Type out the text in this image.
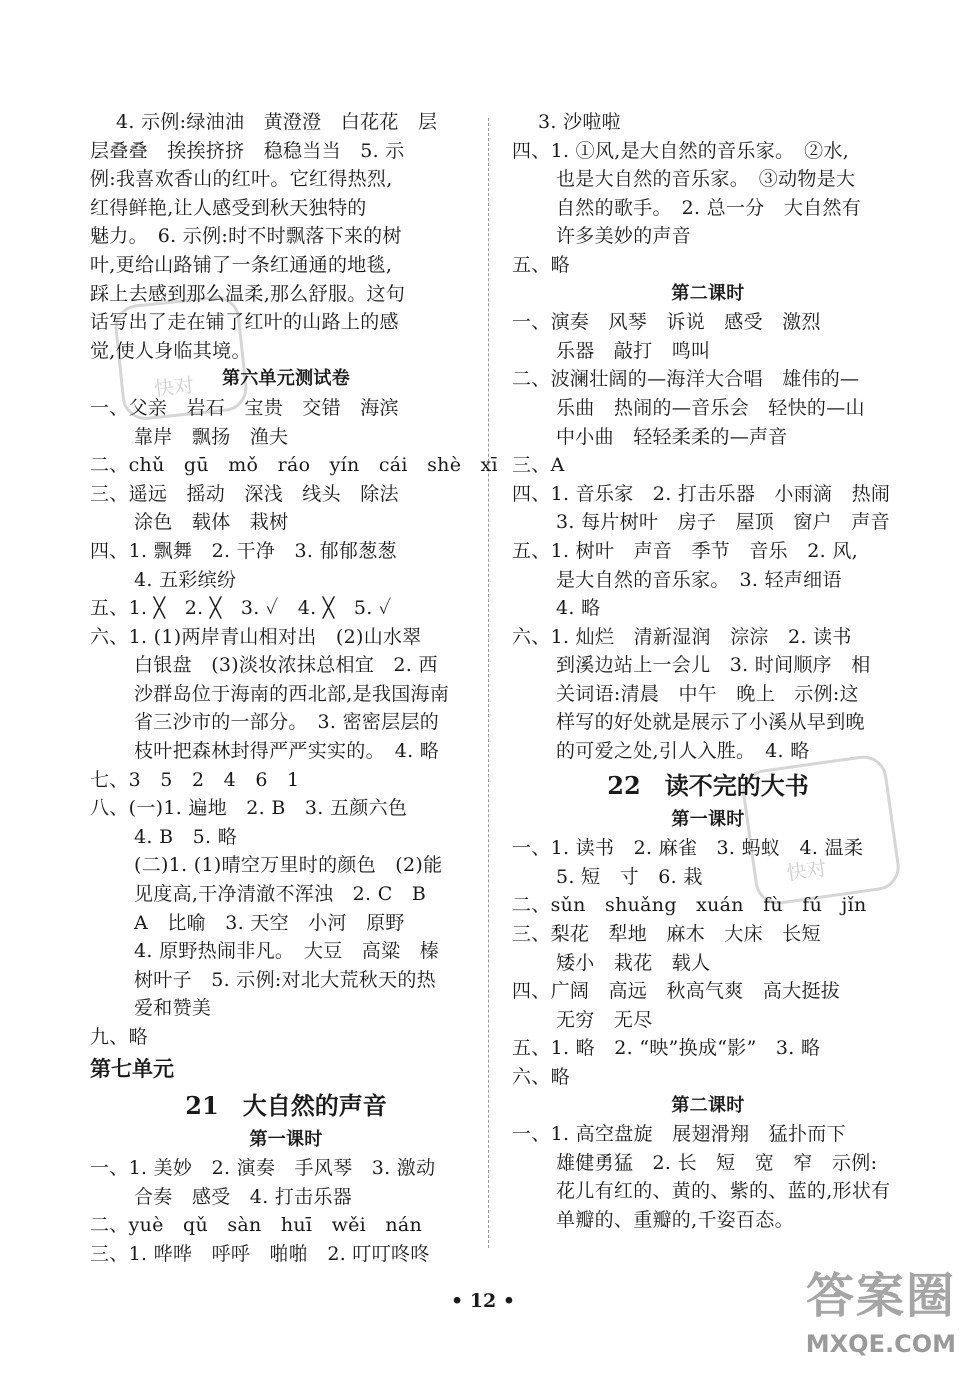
快对
快对
4. 示例:绿油油　黄澄澄　白花花　层
层叠叠　挨挨挤挤　稳稳当当　5. 示
例:我喜欢香山的红叶。它红得热烈,
红得鲜艳,让人感受到秋天独特的
魅力。　6. 示例:时不时飘落下来的树
叶,更给山路铺了一条红通通的地毯,
踩上去感到那么温柔,那么舒服。这句
话写出了走在铺了红叶的山路上的感
觉,使人身临其境。
第六单元测试卷
一、父亲　岩石　宝贵　交错　海滨
靠岸　飘扬　渔夫
二、chǔ　gū　mǒ　ráo　yín　cái　shè　xī
三、遥远　摇动　深浅　线头　除法
涂色　载体　栽树
四、1. 飘舞　2. 干净　3. 郁郁葱葱
4. 五彩缤纷
五、1. ╳　2. ╳　3. ✓　4. ╳　5. ✓
六、1. (1)两岸青山相对出　(2)山水翠
白银盘　(3)淡妆浓抹总相宜　2. 西
沙群岛位于海南的西北部,是我国海南
省三沙市的一部分。　3. 密密层层的
枝叶把森林封得严严实实的。　4. 略
七、3　5　2　4　6　1
八、(一)1. 遍地　2. B　3. 五颜六色
4. B　5. 略
(二)1. (1)晴空万里时的颜色　(2)能
见度高,干净清澈不浑浊　2. C　B
A　比喻　3. 天空　小河　原野
4. 原野热闹非凡。　大豆　高粱　榛
树叶子　5. 示例:对北大荒秋天的热
爱和赞美
九、略
第七单元
21　大自然的声音
第一课时
一、1. 美妙　2. 演奏　手风琴　3. 激动
合奏　感受　4. 打击乐器
二、yuè　qǔ　sàn　huī　wěi　nán
三、1. 哗哗　呼呼　啪啪　2. 叮叮咚咚
3. 沙啦啦
四、1. ①风,是大自然的音乐家。　②水,
也是大自然的音乐家。　③动物是大
自然的歌手。　2. 总一分　大自然有
许多美妙的声音
五、略
第二课时
一、演奏　风琴　诉说　感受　激烈
乐器　敲打　鸣叫
二、波澜壮阔的—海洋大合唱　雄伟的—
乐曲　热闹的—音乐会　轻快的—山
中小曲　轻轻柔柔的—声音
三、A
四、1. 音乐家　2. 打击乐器　小雨滴　热闹
3. 每片树叶　房子　屋顶　窗户　声音
五、1. 树叶　声音　季节　音乐　2. 风,
是大自然的音乐家。　3. 轻声细语
4. 略
六、1. 灿烂　清新湿润　淙淙　2. 读书
到溪边站上一会儿　3. 时间顺序　相
关词语:清晨　中午　晚上　示例:这
样写的好处就是展示了小溪从早到晚
的可爱之处,引人入胜。　4. 略
22　读不完的大书
第一课时
一、1. 读书　2. 麻雀　3. 蚂蚁　4. 温柔
5. 短　寸　6. 栽
二、sǔn　shuǎng　xuán　fù　fú　jǐn
三、梨花　犁地　麻木　大床　长短
矮小　栽花　载人
四、广阔　高远　秋高气爽　高大挺拔
无穷　无尽
五、1. 略　2. “映”换成“影”　3. 略
六、略
第二课时
一、1. 高空盘旋　展翅滑翔　猛扑而下
雄健勇猛　2. 长　短　宽　窄　示例:
花儿有红的、黄的、紫的、蓝的,形状有
单瓣的、重瓣的,千姿百态。
• 12 •	答案圈
MXQE.COM
